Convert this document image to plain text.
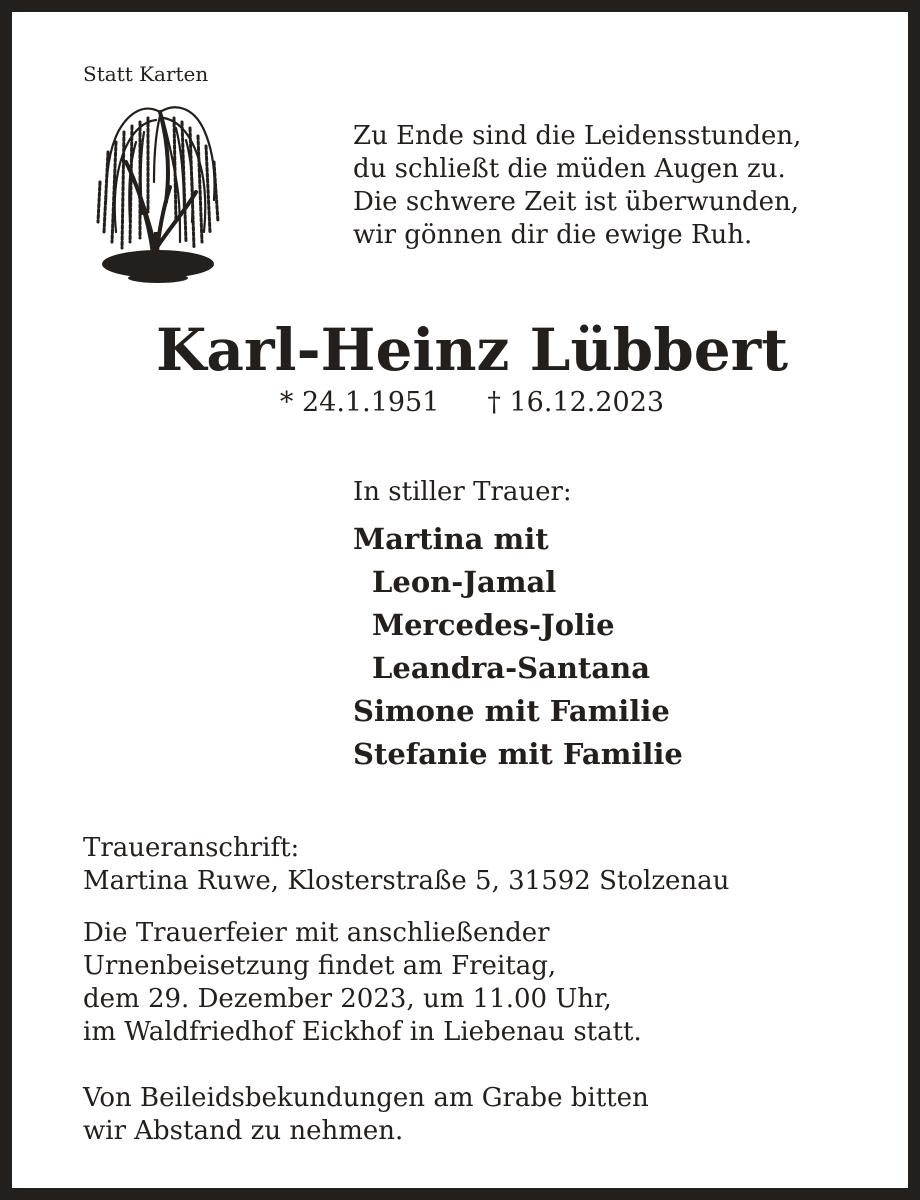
Statt Karten
Zu Ende sind die Leidensstunden,
du schließt die müden Augen zu.
Die schwere Zeit ist überwunden,
wir gönnen dir die ewige Ruh.
Karl-Heinz Lübbert
* 24.1.1951 † 16.12.2023
In stiller Trauer:
Martina mit
Leon-Jamal
Mercedes-Jolie
Leandra-Santana
Simone mit Familie
Stefanie mit Familie
Traueranschrift:
Martina Ruwe, Klosterstraße 5, 31592 Stolzenau
Die Trauerfeier mit anschließender
Urnenbeisetzung findet am Freitag,
dem 29. Dezember 2023, um 11.00 Uhr,
im Waldfriedhof Eickhof in Liebenau statt.
Von Beileidsbekundungen am Grabe bitten
wir Abstand zu nehmen.
